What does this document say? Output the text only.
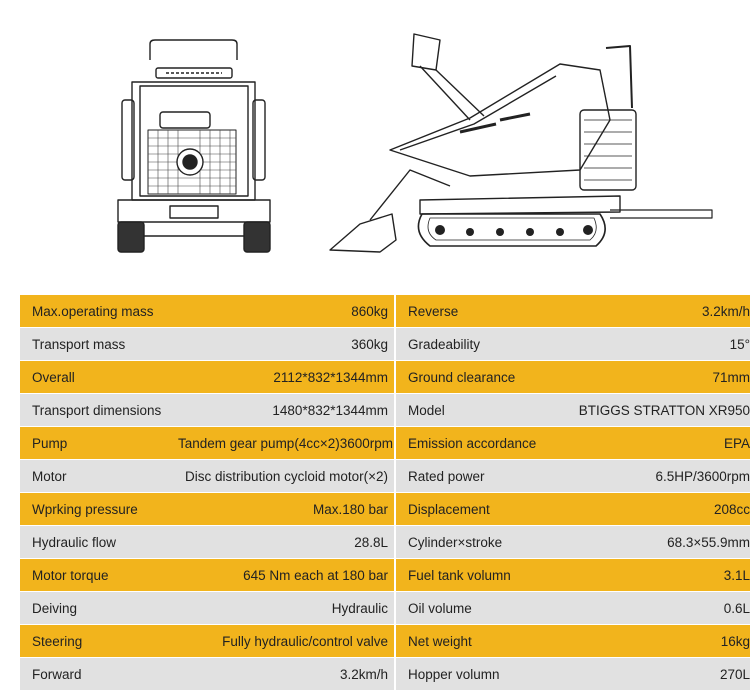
Max.operating mass	860kg	Reverse	3.2km/h
Transport mass	360kg	Gradeability	15°
Overall	2112*832*1344mm	Ground clearance	71mm
Transport dimensions	1480*832*1344mm	Model	BTIGGS STRATTON XR950
Pump	Tandem gear pump(4cc×2)3600rpm	Emission accordance	EPA
Motor	Disc distribution cycloid motor(×2)	Rated power	6.5HP/3600rpm
Wprking pressure	Max.180 bar	Displacement	208cc
Hydraulic flow	28.8L	Cylinder×stroke	68.3×55.9mm
Motor torque	645 Nm each at 180 bar	Fuel tank volumn	3.1L
Deiving	Hydraulic	Oil volume	0.6L
Steering	Fully hydraulic/control valve	Net weight	16kg
Forward	3.2km/h	Hopper volumn	270L
